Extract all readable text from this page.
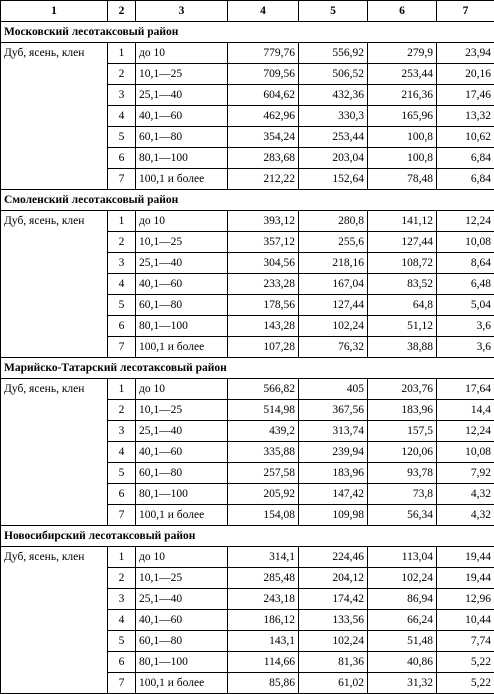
1	2	3	4	5	6	7
Московский лесотаксовый район						
Дуб, ясень, клен	1	до 10	779,76	556,92	279,9	23,94
	2	10,1—25	709,56	506,52	253,44	20,16
	3	25,1—40	604,62	432,36	216,36	17,46
	4	40,1—60	462,96	330,3	165,96	13,32
	5	60,1—80	354,24	253,44	100,8	10,62
	6	80,1—100	283,68	203,04	100,8	6,84
	7	100,1 и более	212,22	152,64	78,48	6,84
Смоленский лесотаксовый район						
Дуб, ясень, клен	1	до 10	393,12	280,8	141,12	12,24
	2	10,1—25	357,12	255,6	127,44	10,08
	3	25,1—40	304,56	218,16	108,72	8,64
	4	40,1—60	233,28	167,04	83,52	6,48
	5	60,1—80	178,56	127,44	64,8	5,04
	6	80,1—100	143,28	102,24	51,12	3,6
	7	100,1 и более	107,28	76,32	38,88	3,6
Марийско-Татарский лесотаксовый район						
Дуб, ясень, клен	1	до 10	566,82	405	203,76	17,64
	2	10,1—25	514,98	367,56	183,96	14,4
	3	25,1—40	439,2	313,74	157,5	12,24
	4	40,1—60	335,88	239,94	120,06	10,08
	5	60,1—80	257,58	183,96	93,78	7,92
	6	80,1—100	205,92	147,42	73,8	4,32
	7	100,1 и более	154,08	109,98	56,34	4,32
Новосибирский лесотаксовый район						
Дуб, ясень, клен	1	до 10	314,1	224,46	113,04	19,44
	2	10,1—25	285,48	204,12	102,24	19,44
	3	25,1—40	243,18	174,42	86,94	12,96
	4	40,1—60	186,12	133,56	66,24	10,44
	5	60,1—80	143,1	102,24	51,48	7,74
	6	80,1—100	114,66	81,36	40,86	5,22
	7	100,1 и более	85,86	61,02	31,32	5,22
